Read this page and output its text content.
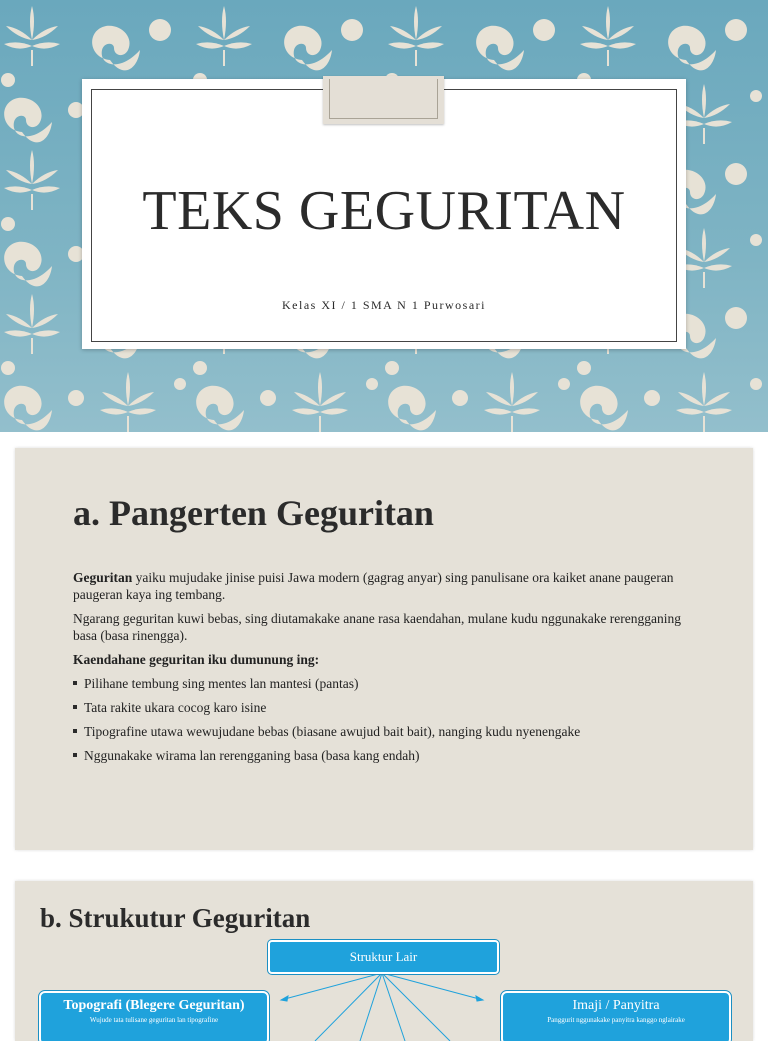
TEKS GEGURITAN
Kelas XI / 1 SMA N 1 Purwosari
a. Pangerten Geguritan

Geguritan yaiku mujudake jinise puisi Jawa modern (gagrag anyar) sing panulisane ora kaiket anane paugeran paugeran kaya ing tembang.

Ngarang geguritan kuwi bebas, sing diutamakake anane rasa kaendahan, mulane kudu nggunakake rerengganing basa (basa rinengga).

Kaendahane geguritan iku dumunung ing:

Pilihane tembung sing mentes lan mantesi (pantas)
Tata rakite ukara cocog karo isine
Tipografine utawa wewujudane bebas (biasane awujud bait bait), nanging kudu nyenengake
Nggunakake wirama lan rerengganing basa (basa kang endah)
b. Strukutur Geguritan
Struktur Lair
Topografi (Blegere Geguritan)
Wujude tata tulisane geguritan lan tipografine
Imaji / Panyitra
Panggurit nggunakake panyitra kanggo nglairake
